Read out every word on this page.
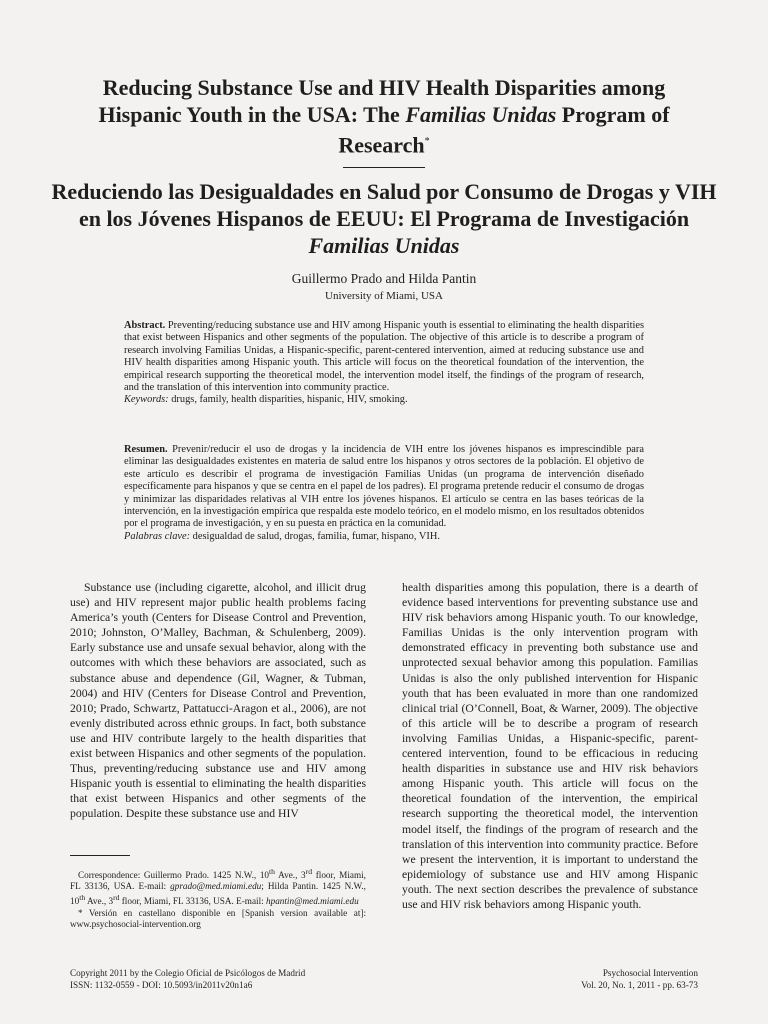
Reducing Substance Use and HIV Health Disparities among Hispanic Youth in the USA: The Familias Unidas Program of Research*
Reduciendo las Desigualdades en Salud por Consumo de Drogas y VIH en los Jóvenes Hispanos de EEUU: El Programa de Investigación Familias Unidas
Guillermo Prado and Hilda Pantin
University of Miami, USA
Abstract. Preventing/reducing substance use and HIV among Hispanic youth is essential to eliminating the health disparities that exist between Hispanics and other segments of the population. The objective of this article is to describe a program of research involving Familias Unidas, a Hispanic-specific, parent-centered intervention, aimed at reducing substance use and HIV health disparities among Hispanic youth. This article will focus on the theoretical foundation of the intervention, the empirical research supporting the theoretical model, the intervention model itself, the findings of the program of research, and the translation of this intervention into community practice.
Keywords: drugs, family, health disparities, hispanic, HIV, smoking.
Resumen. Prevenir/reducir el uso de drogas y la incidencia de VIH entre los jóvenes hispanos es imprescindible para eliminar las desigualdades existentes en materia de salud entre los hispanos y otros sectores de la población. El objetivo de este artículo es describir el programa de investigación Familias Unidas (un programa de intervención diseñado específicamente para hispanos y que se centra en el papel de los padres). El programa pretende reducir el consumo de drogas y minimizar las disparidades relativas al VIH entre los jóvenes hispanos. El artículo se centra en las bases teóricas de la intervención, en la investigación empírica que respalda este modelo teórico, en el modelo mismo, en los resultados obtenidos por el programa de investigación, y en su puesta en práctica en la comunidad.
Palabras clave: desigualdad de salud, drogas, familia, fumar, hispano, VIH.
Substance use (including cigarette, alcohol, and illicit drug use) and HIV represent major public health problems facing America’s youth (Centers for Disease Control and Prevention, 2010; Johnston, O’Malley, Bachman, & Schulenberg, 2009). Early substance use and unsafe sexual behavior, along with the outcomes with which these behaviors are associated, such as substance abuse and dependence (Gil, Wagner, & Tubman, 2004) and HIV (Centers for Disease Control and Prevention, 2010; Prado, Schwartz, Pattatucci-Aragon et al., 2006), are not evenly distributed across ethnic groups. In fact, both substance use and HIV contribute largely to the health disparities that exist between Hispanics and other segments of the population. Thus, preventing/reducing substance use and HIV among Hispanic youth is essential to eliminating the health disparities that exist between Hispanics and other segments of the population. Despite these substance use and HIV
health disparities among this population, there is a dearth of evidence based interventions for preventing substance use and HIV risk behaviors among Hispanic youth. To our knowledge, Familias Unidas is the only intervention program with demonstrated efficacy in preventing both substance use and unprotected sexual behavior among this population. Familias Unidas is also the only published intervention for Hispanic youth that has been evaluated in more than one randomized clinical trial (O’Connell, Boat, & Warner, 2009). The objective of this article will be to describe a program of research involving Familias Unidas, a Hispanic-specific, parent-centered intervention, found to be efficacious in reducing health disparities in substance use and HIV risk behaviors among Hispanic youth. This article will focus on the theoretical foundation of the intervention, the empirical research supporting the theoretical model, the intervention model itself, the findings of the program of research and the translation of this intervention into community practice. Before we present the intervention, it is important to understand the epidemiology of substance use and HIV among Hispanic youth. The next section describes the prevalence of substance use and HIV risk behaviors among Hispanic youth.

Correspondence: Guillermo Prado. 1425 N.W., 10th Ave., 3rd floor, Miami, FL 33136, USA. E-mail: gprado@med.miami.edu; Hilda Pantin. 1425 N.W., 10th Ave., 3rd floor, Miami, FL 33136, USA. E-mail: hpantin@med.miami.edu

* Versión en castellano disponible en [Spanish version available at]: www.psychosocial-intervention.org

Copyright 2011 by the Colegio Oficial de Psicólogos de Madrid
ISSN: 1132-0559 - DOI: 10.5093/in2011v20n1a6
Psychosocial Intervention
Vol. 20, No. 1, 2011 - pp. 63-73
